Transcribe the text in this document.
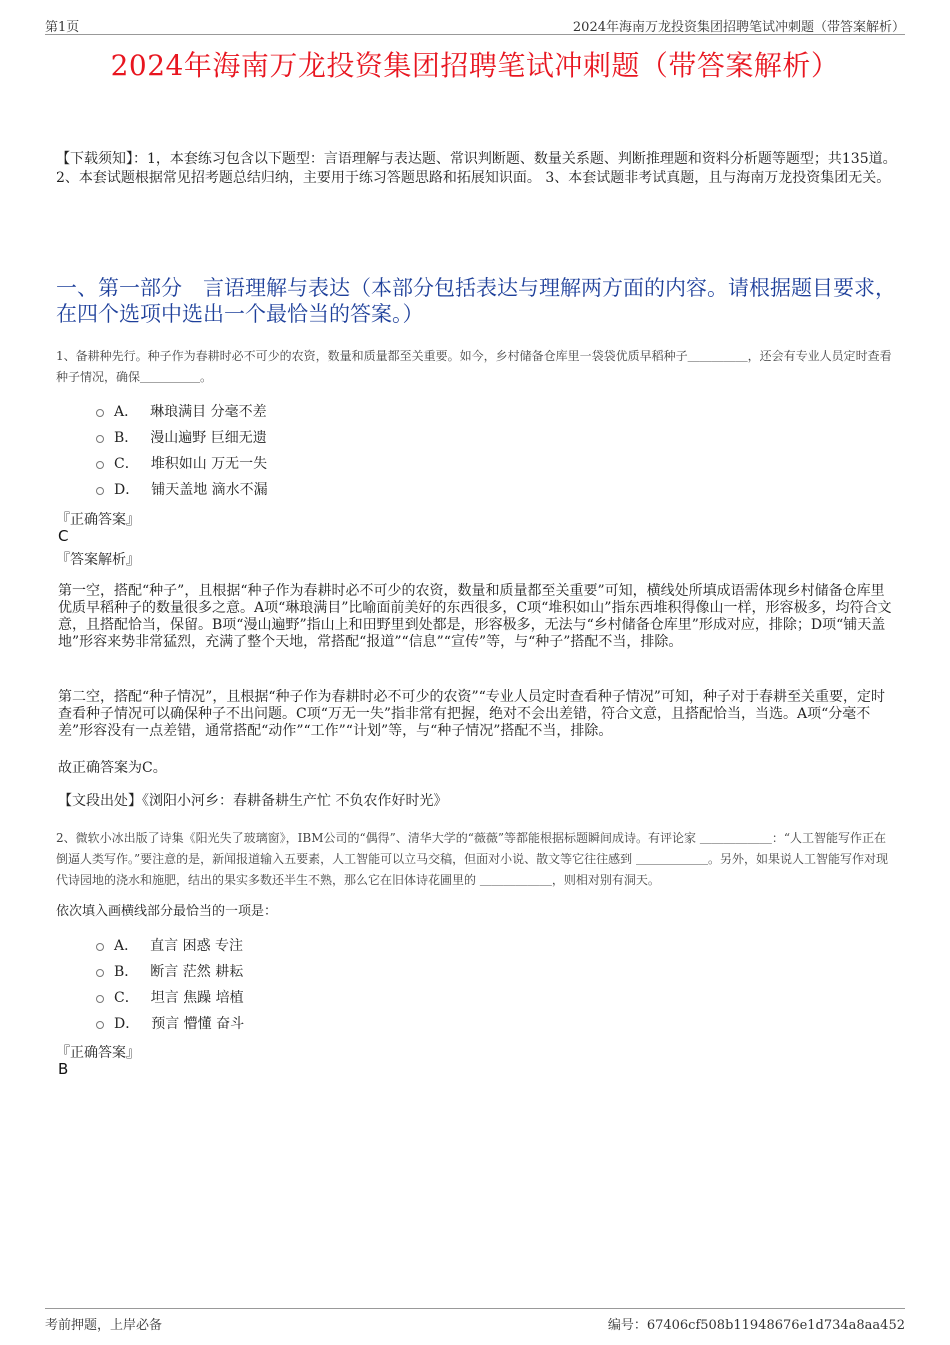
第1页	2024年海南万龙投资集团招聘笔试冲刺题（带答案解析）
2024年海南万龙投资集团招聘笔试冲刺题（带答案解析）
【下载须知】：1，本套练习包含以下题型：言语理解与表达题、常识判断题、数量关系题、判断推理题和资料分析题等题型；共135道。 2、本套试题根据常见招考题总结归纳，主要用于练习答题思路和拓展知识面。 3、本套试题非考试真题，且与海南万龙投资集团无关。
一、第一部分　言语理解与表达（本部分包括表达与理解两方面的内容。请根据题目要求，在四个选项中选出一个最恰当的答案。）
1、备耕种先行。种子作为春耕时必不可少的农资，数量和质量都至关重要。如今，乡村储备仓库里一袋袋优质早稻种子＿＿＿＿＿，还会有专业人员定时查看种子情况，确保＿＿＿＿＿。
A． 琳琅满目 分毫不差
B． 漫山遍野 巨细无遗
C． 堆积如山 万无一失
D． 铺天盖地 滴水不漏
『正确答案』
C
『答案解析』

第一空，搭配“种子”，且根据“种子作为春耕时必不可少的农资，数量和质量都至关重要”可知，横线处所填成语需体现乡村储备仓库里优质早稻种子的数量很多之意。A项“琳琅满目”比喻面前美好的东西很多，C项“堆积如山”指东西堆积得像山一样，形容极多，均符合文意，且搭配恰当，保留。B项“漫山遍野”指山上和田野里到处都是，形容极多，无法与“乡村储备仓库里”形成对应，排除；D项“铺天盖地”形容来势非常猛烈，充满了整个天地，常搭配“报道”“信息”“宣传”等，与“种子”搭配不当，排除。

第二空，搭配“种子情况”，且根据“种子作为春耕时必不可少的农资”“专业人员定时查看种子情况”可知，种子对于春耕至关重要，定时查看种子情况可以确保种子不出问题。C项“万无一失”指非常有把握，绝对不会出差错，符合文意，且搭配恰当，当选。A项“分毫不差”形容没有一点差错，通常搭配“动作”“工作”“计划”等，与“种子情况”搭配不当，排除。

故正确答案为C。

【文段出处】《浏阳小河乡：春耕备耕生产忙 不负农作好时光》

2、微软小冰出版了诗集《阳光失了玻璃窗》，IBM公司的“偶得”、清华大学的“薇薇”等都能根据标题瞬间成诗。有评论家 ＿＿＿＿＿＿：“人工智能写作正在倒逼人类写作。”要注意的是，新闻报道输入五要素，人工智能可以立马交稿，但面对小说、散文等它往往感到 ＿＿＿＿＿＿。另外，如果说人工智能写作对现代诗园地的浇水和施肥，结出的果实多数还半生不熟，那么它在旧体诗花圃里的 ＿＿＿＿＿＿，则相对别有洞天。
依次填入画横线部分最恰当的一项是：
A． 直言 困惑 专注
B． 断言 茫然 耕耘
C． 坦言 焦躁 培植
D． 预言 懵懂 奋斗
『正确答案』
B
考前押题，上岸必备	编号：67406cf508b11948676e1d734a8aa452
